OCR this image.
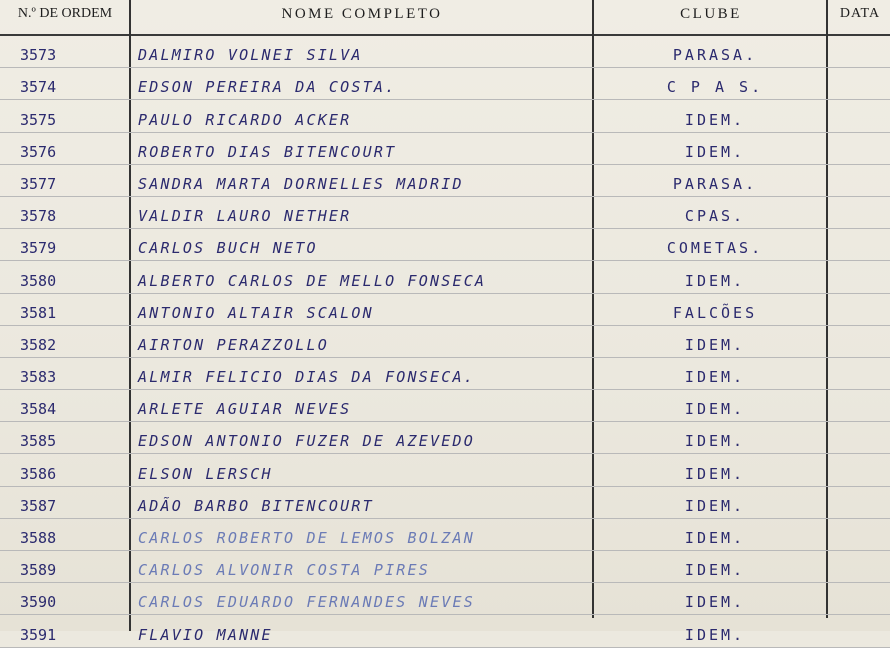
N.º DE ORDEM	NOME COMPLETO	CLUBE	DATA
3573	DALMIRO VOLNEI SILVA	PARASA.
3574	EDSON PEREIRA DA COSTA.	C P A S.
3575	PAULO RICARDO ACKER	IDEM.
3576	ROBERTO DIAS BITENCOURT	IDEM.
3577	SANDRA MARTA DORNELLES MADRID	PARASA.
3578	VALDIR LAURO NETHER	CPAS.
3579	CARLOS BUCH NETO	COMETAS.
3580	ALBERTO CARLOS DE MELLO FONSECA	IDEM.
3581	ANTONIO ALTAIR SCALON	FALCÕES
3582	AIRTON PERAZZOLLO	IDEM.
3583	ALMIR FELICIO DIAS DA FONSECA.	IDEM.
3584	ARLETE AGUIAR NEVES	IDEM.
3585	EDSON ANTONIO FUZER DE AZEVEDO	IDEM.
3586	ELSON LERSCH	IDEM.
3587	ADÃO BARBO BITENCOURT	IDEM.
3588	CARLOS ROBERTO DE LEMOS BOLZAN	IDEM.
3589	CARLOS ALVONIR COSTA PIRES	IDEM.
3590	CARLOS EDUARDO FERNANDES NEVES	IDEM.
3591	FLAVIO MANNE	IDEM.
